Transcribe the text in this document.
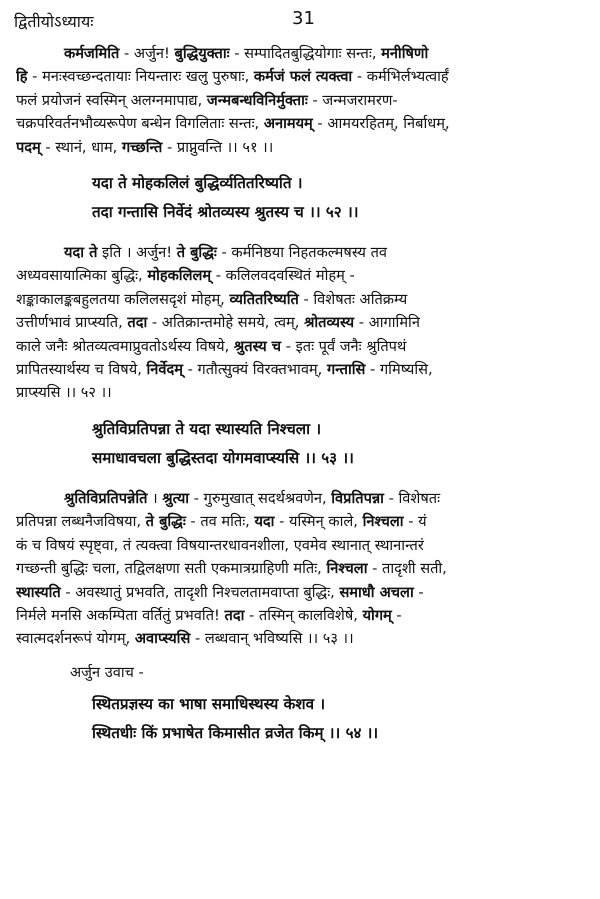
द्वितीयोऽध्यायः	31
कर्मजमिति - अर्जुन! बुद्धियुक्ताः - सम्पादितबुद्धियोगाः सन्तः, मनीषिणो
हि - मनःस्वच्छन्दतायाः नियन्तारः खलु पुरुषाः, कर्मजं फलं त्यक्त्वा - कर्मभिर्लभ्यत्वार्हं
फलं प्रयोजनं स्वस्मिन् अलग्नमापाद्य, जन्मबन्धविनिर्मुक्ताः - जन्मजरामरण-
चक्रपरिवर्तनभौव्यरूपेण बन्धेन विगलिताः सन्तः, अनामयम् - आमयरहितम्, निर्बाधम्,
पदम् - स्थानं, धाम, गच्छन्ति - प्राप्नुवन्ति ।। ५१ ।।
यदा ते मोहकलिलं बुद्धिर्व्यतितरिष्यति ।
तदा गन्तासि निर्वेदं श्रोतव्यस्य श्रुतस्य च ।। ५२ ।।
यदा ते इति । अर्जुन! ते बुद्धिः - कर्मनिष्ठया निहतकल्मषस्य तव
अध्यवसायात्मिका बुद्धिः, मोहकलिलम् - कलिलवदवस्थितं मोहम् -
शङ्काकालङ्कबहुलतया कलिलसदृशं मोहम्, व्यतितरिष्यति - विशेषतः अतिक्रम्य
उत्तीर्णभावं प्राप्स्यति, तदा - अतिक्रान्तमोहे समये, त्वम्, श्रोतव्यस्य - आगामिनि
काले जनैः श्रोतव्यत्वमाप्रुवतोऽर्थस्य विषये, श्रुतस्य च - इतः पूर्वं जनैः श्रुतिपथं
प्रापितस्यार्थस्य च विषये, निर्वेदम् - गतौत्सुक्यं विरक्तभावम्, गन्तासि - गमिष्यसि,
प्राप्स्यसि ।। ५२ ।।
श्रुतिविप्रतिपन्ना ते यदा स्थास्यति निश्चला ।
समाधावचला बुद्धिस्तदा योगमवाप्स्यसि ।। ५३ ।।
श्रुतिविप्रतिपन्नेति । श्रुत्या - गुरुमुखात् सदर्थश्रवणेन, विप्रतिपन्ना - विशेषतः
प्रतिपन्ना लब्धनैजविषया, ते बुद्धिः - तव मतिः, यदा - यस्मिन् काले, निश्चला - यं
कं च विषयं स्पृष्ट्वा, तं त्यक्त्वा विषयान्तरधावनशीला, एवमेव स्थानात् स्थानान्तरं
गच्छन्ती बुद्धिः चला, तद्विलक्षणा सती एकमात्रग्राहिणी मतिः, निश्चला - तादृशी सती,
स्थास्यति - अवस्थातुं प्रभवति, तादृशी निश्चलतामवाप्ता बुद्धिः, समाधौ अचला -
निर्मले मनसि अकम्पिता वर्तितुं प्रभवति! तदा - तस्मिन् कालविशेषे, योगम् -
स्वात्मदर्शनरूपं योगम्, अवाप्स्यसि - लब्धवान् भविष्यसि ।। ५३ ।।
अर्जुन उवाच -
स्थितप्रज्ञस्य का भाषा समाधिस्थस्य केशव ।
स्थितधीः किं प्रभाषेत किमासीत व्रजेत किम् ।। ५४ ।।
